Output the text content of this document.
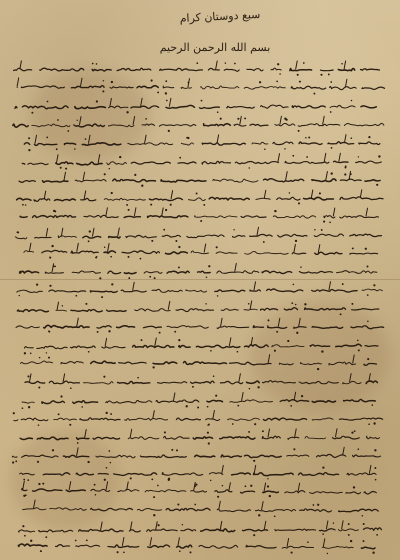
سبع دوستان کرام
بسم الله الرحمن الرحيم
